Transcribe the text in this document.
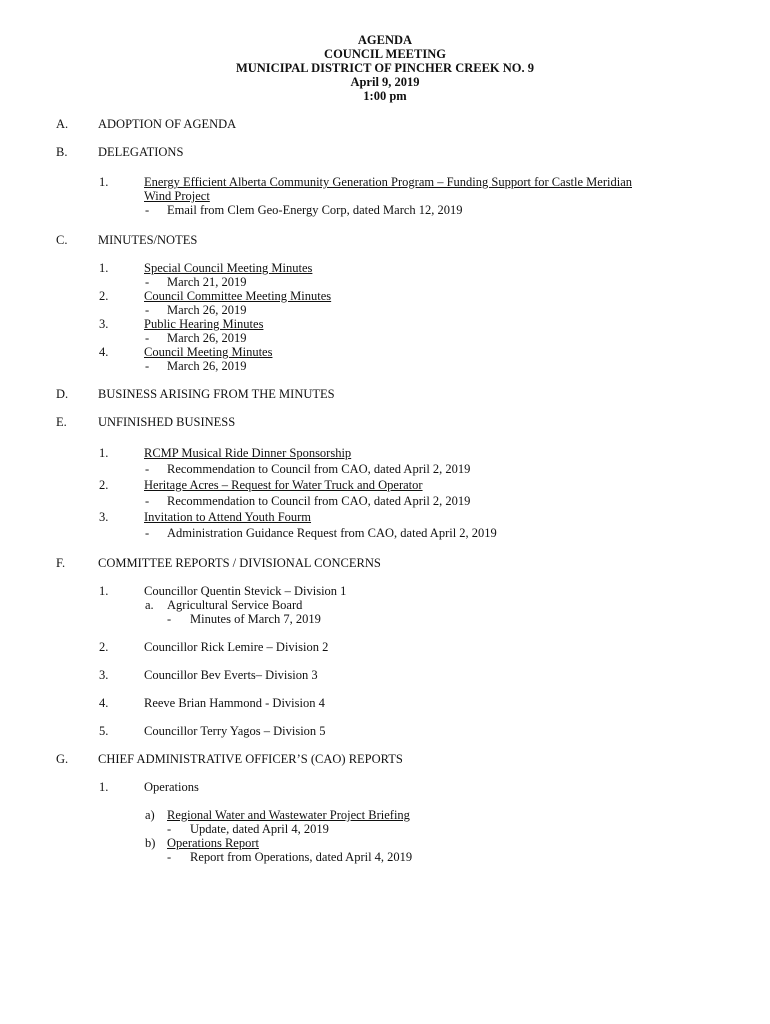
AGENDA
COUNCIL MEETING
MUNICIPAL DISTRICT OF PINCHER CREEK NO. 9
April 9, 2019
1:00 pm
A. ADOPTION OF AGENDA
B. DELEGATIONS
1.	Energy Efficient Alberta Community Generation Program – Funding Support for Castle Meridian
Wind Project
- Email from Clem Geo-Energy Corp, dated March 12, 2019
C. MINUTES/NOTES
1.	Special Council Meeting Minutes
- March 21, 2019
2.	Council Committee Meeting Minutes
- March 26, 2019
3.	Public Hearing Minutes
- March 26, 2019
4.	Council Meeting Minutes
- March 26, 2019
D. BUSINESS ARISING FROM THE MINUTES
E. UNFINISHED BUSINESS
1.	RCMP Musical Ride Dinner Sponsorship
- Recommendation to Council from CAO, dated April 2, 2019
2.	Heritage Acres – Request for Water Truck and Operator
- Recommendation to Council from CAO, dated April 2, 2019
3.	Invitation to Attend Youth Fourm
- Administration Guidance Request from CAO, dated April 2, 2019
F.	COMMITTEE REPORTS / DIVISIONAL CONCERNS
1.	Councillor Quentin Stevick – Division 1
a. Agricultural Service Board
- Minutes of March 7, 2019
2.	Councillor Rick Lemire – Division 2
3.	Councillor Bev Everts– Division 3
4.	Reeve Brian Hammond - Division 4
5.	Councillor Terry Yagos – Division 5
G. CHIEF ADMINISTRATIVE OFFICER’S (CAO) REPORTS
1.	Operations
a) Regional Water and Wastewater Project Briefing
- Update, dated April 4, 2019
b) Operations Report
- Report from Operations, dated April 4, 2019
